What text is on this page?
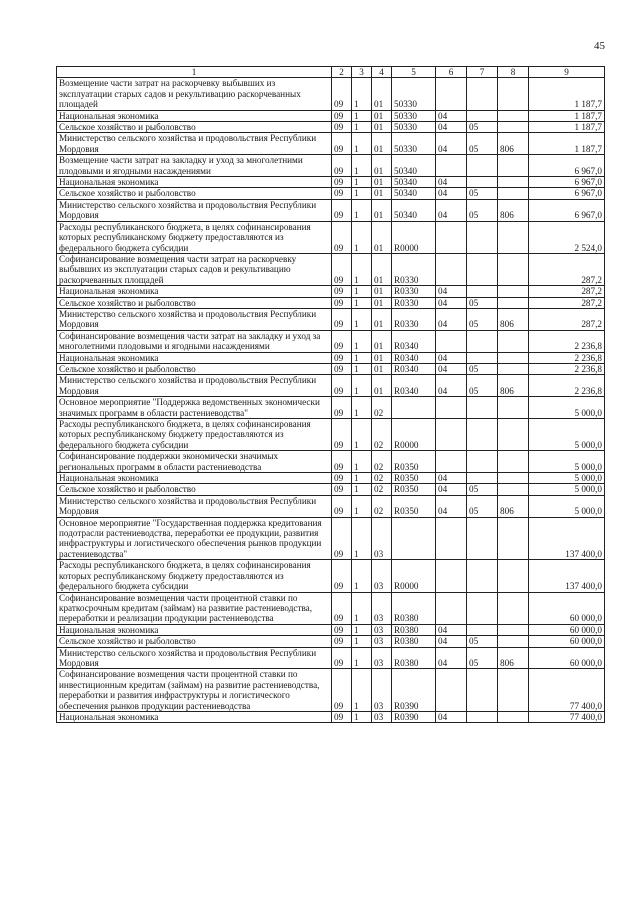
45
1	2	3	4	5	6	7	8	9
Возмещение части затрат на раскорчевку выбывших из эксплуатации старых садов и рекультивацию раскорчеванных площадей	09	1	01	50330				1 187,7
Национальная экономика	09	1	01	50330	04			1 187,7
Сельское хозяйство и рыболовство	09	1	01	50330	04	05		1 187,7
Министерство сельского хозяйства и продовольствия Республики Мордовия	09	1	01	50330	04	05	806	1 187,7
Возмещение части затрат на закладку и уход за многолетними плодовыми и ягодными насаждениями	09	1	01	50340				6 967,0
Национальная экономика	09	1	01	50340	04			6 967,0
Сельское хозяйство и рыболовство	09	1	01	50340	04	05		6 967,0
Министерство сельского хозяйства и продовольствия Республики Мордовия	09	1	01	50340	04	05	806	6 967,0
Расходы республиканского бюджета, в целях софинансирования которых республиканскому бюджету предоставляются из федерального бюджета субсидии	09	1	01	R0000				2 524,0
Софинансирование возмещения части затрат на раскорчевку выбывших из эксплуатации старых садов и рекультивацию раскорчеванных площадей	09	1	01	R0330				287,2
Национальная экономика	09	1	01	R0330	04			287,2
Сельское хозяйство и рыболовство	09	1	01	R0330	04	05		287,2
Министерство сельского хозяйства и продовольствия Республики Мордовия	09	1	01	R0330	04	05	806	287,2
Софинансирование возмещения части затрат на закладку и уход за многолетними плодовыми и ягодными насаждениями	09	1	01	R0340				2 236,8
Национальная экономика	09	1	01	R0340	04			2 236,8
Сельское хозяйство и рыболовство	09	1	01	R0340	04	05		2 236,8
Министерство сельского хозяйства и продовольствия Республики Мордовия	09	1	01	R0340	04	05	806	2 236,8
Основное мероприятие "Поддержка ведомственных экономически значимых программ в области растениеводства"	09	1	02					5 000,0
Расходы республиканского бюджета, в целях софинансирования которых республиканскому бюджету предоставляются из федерального бюджета субсидии	09	1	02	R0000				5 000,0
Софинансирование поддержки экономически значимых региональных программ в области растениеводства	09	1	02	R0350				5 000,0
Национальная экономика	09	1	02	R0350	04			5 000,0
Сельское хозяйство и рыболовство	09	1	02	R0350	04	05		5 000,0
Министерство сельского хозяйства и продовольствия Республики Мордовия	09	1	02	R0350	04	05	806	5 000,0
Основное мероприятие "Государственная поддержка кредитования подотрасли растениеводства, переработки ее продукции, развития инфраструктуры и логистического обеспечения рынков продукции растениеводства"	09	1	03					137 400,0
Расходы республиканского бюджета, в целях софинансирования которых республиканскому бюджету предоставляются из федерального бюджета субсидии	09	1	03	R0000				137 400,0
Софинансирование возмещения части процентной ставки по краткосрочным кредитам (займам) на развитие растениеводства, переработки и реализации продукции растениеводства	09	1	03	R0380				60 000,0
Национальная экономика	09	1	03	R0380	04			60 000,0
Сельское хозяйство и рыболовство	09	1	03	R0380	04	05		60 000,0
Министерство сельского хозяйства и продовольствия Республики Мордовия	09	1	03	R0380	04	05	806	60 000,0
Софинансирование возмещения части процентной ставки по инвестиционным кредитам (займам) на развитие растениеводства, переработки и развития инфраструктуры и логистического обеспечения рынков продукции растениеводства	09	1	03	R0390				77 400,0
Национальная экономика	09	1	03	R0390	04			77 400,0
